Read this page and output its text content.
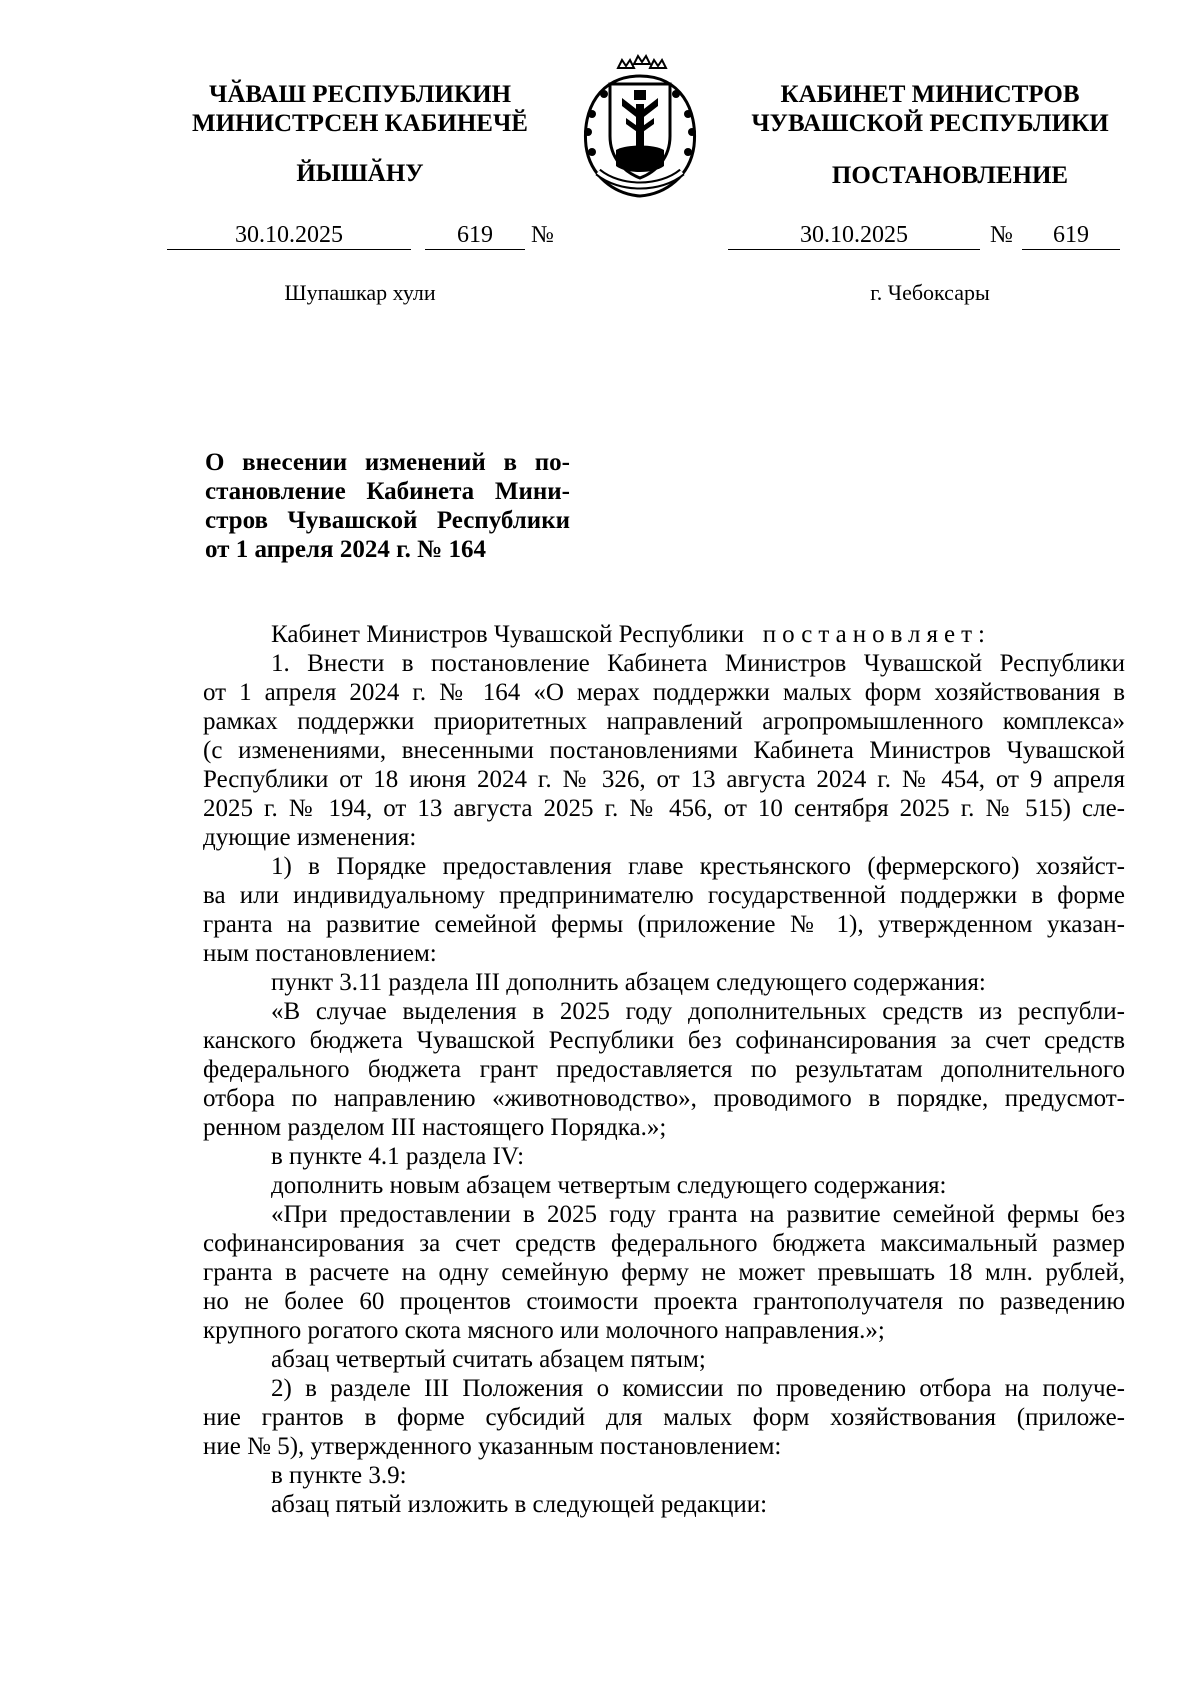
ЧӐВАШ РЕСПУБЛИКИН
МИНИСТРСЕН КАБИНЕЧӖ
ЙЫШӐНУ
КАБИНЕТ МИНИСТРОВ
ЧУВАШСКОЙ РЕСПУБЛИКИ
ПОСТАНОВЛЕНИЕ
30.10.2025	619	№	30.10.2025	№	619
Шупашкар хули	г. Чебоксары
О внесении изменений в по-
становление Кабинета Мини-
стров Чувашской Республики
от 1 апреля 2024 г. № 164
Кабинет Министров Чувашской Республики постановляет:
1. Внести в постановление Кабинета Министров Чувашской Республики
от 1 апреля 2024 г. № 164 «О мерах поддержки малых форм хозяйствования в
рамках поддержки приоритетных направлений агропромышленного комплекса»
(с изменениями, внесенными постановлениями Кабинета Министров Чувашской
Республики от 18 июня 2024 г. № 326, от 13 августа 2024 г. № 454, от 9 апреля
2025 г. № 194, от 13 августа 2025 г. № 456, от 10 сентября 2025 г. № 515) сле-
дующие изменения:
1) в Порядке предоставления главе крестьянского (фермерского) хозяйст-
ва или индивидуальному предпринимателю государственной поддержки в форме
гранта на развитие семейной фермы (приложение № 1), утвержденном указан-
ным постановлением:
пункт 3.11 раздела III дополнить абзацем следующего содержания:
«В случае выделения в 2025 году дополнительных средств из республи-
канского бюджета Чувашской Республики без софинансирования за счет средств
федерального бюджета грант предоставляется по результатам дополнительного
отбора по направлению «животноводство», проводимого в порядке, предусмот-
ренном разделом III настоящего Порядка.»;
в пункте 4.1 раздела IV:
дополнить новым абзацем четвертым следующего содержания:
«При предоставлении в 2025 году гранта на развитие семейной фермы без
софинансирования за счет средств федерального бюджета максимальный размер
гранта в расчете на одну семейную ферму не может превышать 18 млн. рублей,
но не более 60 процентов стоимости проекта грантополучателя по разведению
крупного рогатого скота мясного или молочного направления.»;
абзац четвертый считать абзацем пятым;
2) в разделе III Положения о комиссии по проведению отбора на получе-
ние грантов в форме субсидий для малых форм хозяйствования (приложе-
ние № 5), утвержденного указанным постановлением:
в пункте 3.9:
абзац пятый изложить в следующей редакции:
